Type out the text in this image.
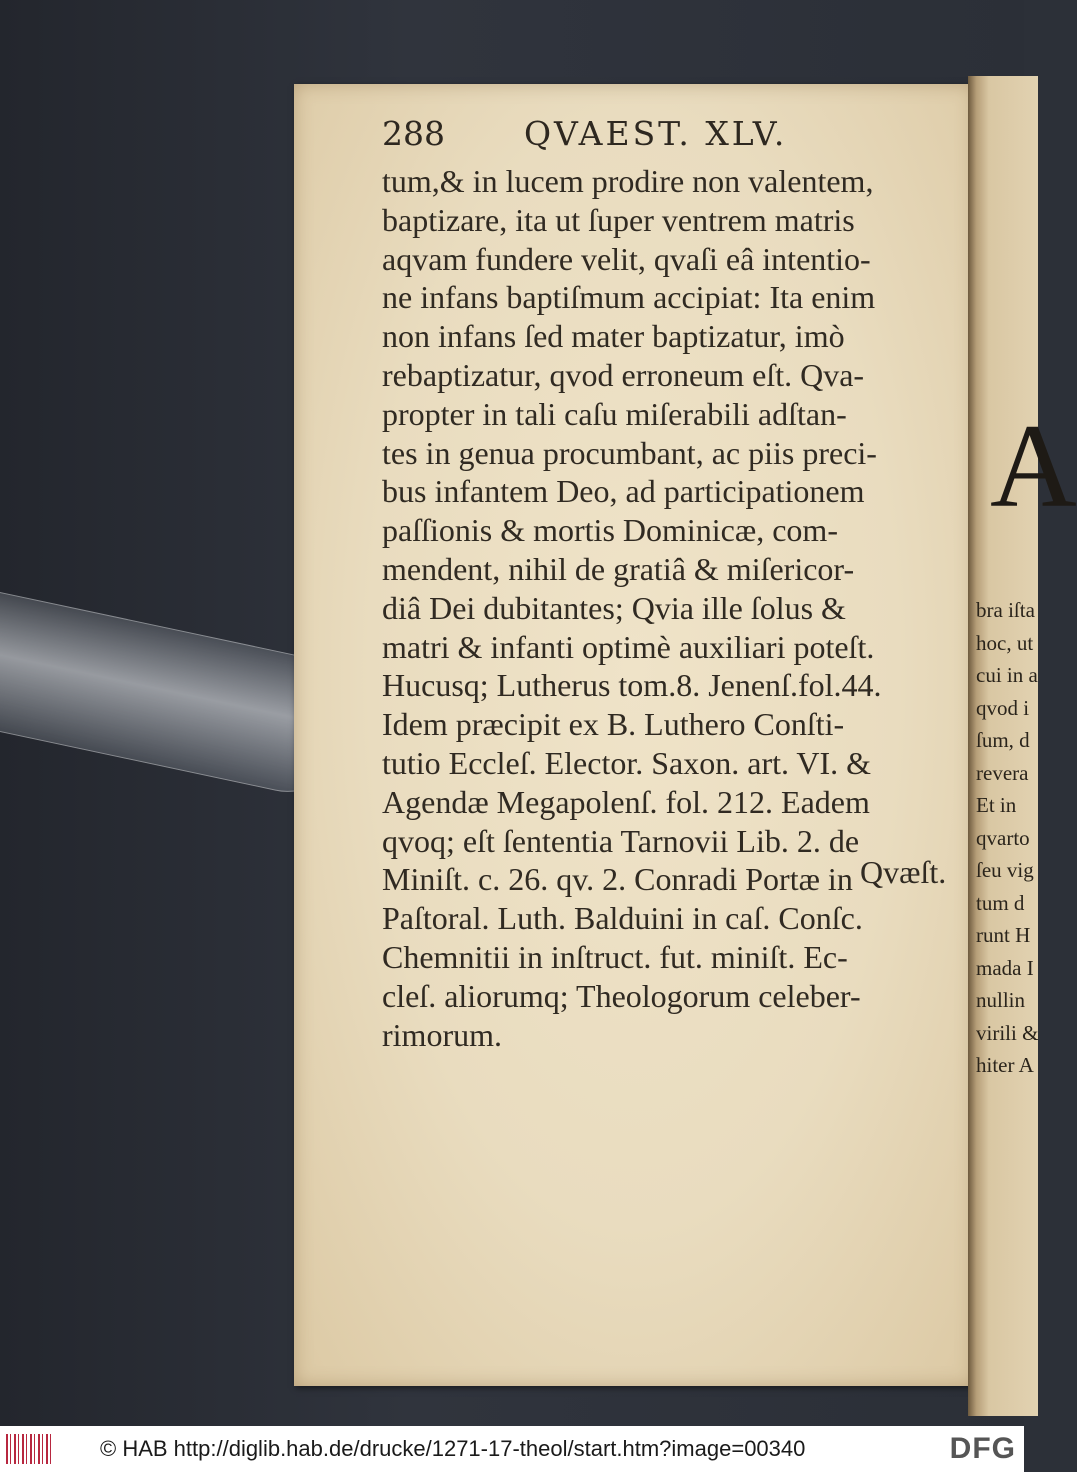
288 QVAEST. XLV.
tum,& in lucem prodire non valentem,
baptizare, ita ut ſuper ventrem matris
aqvam fundere velit, qvaſi eâ intentio-
ne infans baptiſmum accipiat: Ita enim
non infans ſed mater baptizatur, imò
rebaptizatur, qvod erroneum eſt. Qva-
propter in tali caſu miſerabili adſtan-
tes in genua procumbant, ac piis preci-
bus infantem Deo, ad participationem
paſſionis & mortis Dominicæ, com-
mendent, nihil de gratiâ & miſericor-
diâ Dei dubitantes; Qvia ille ſolus &
matri & infanti optimè auxiliari poteſt.
Hucusq; Lutherus tom.8. Jenenſ.fol.44.
Idem præcipit ex B. Luthero Conſti-
tutio Eccleſ. Elector. Saxon. art. VI. &
Agendæ Megapolenſ. fol. 212. Eadem
qvoq; eſt ſententia Tarnovii Lib. 2. de
Miniſt. c. 26. qv. 2. Conradi Portæ in
Paſtoral. Luth. Balduini in caſ. Conſc.
Chemnitii in inſtruct. fut. miniſt. Ec-
cleſ. aliorumq; Theologorum celeber-
rimorum.
Qvæſt.
A
bra iſta
hoc, ut
cui in a
qvod i
ſum, d
revera
Et in
qvarto
ſeu vig
tum d
runt H
mada I
nullin
virili &
hiter A
© HAB http://diglib.hab.de/drucke/1271-17-theol/start.htm?image=00340	DFG
